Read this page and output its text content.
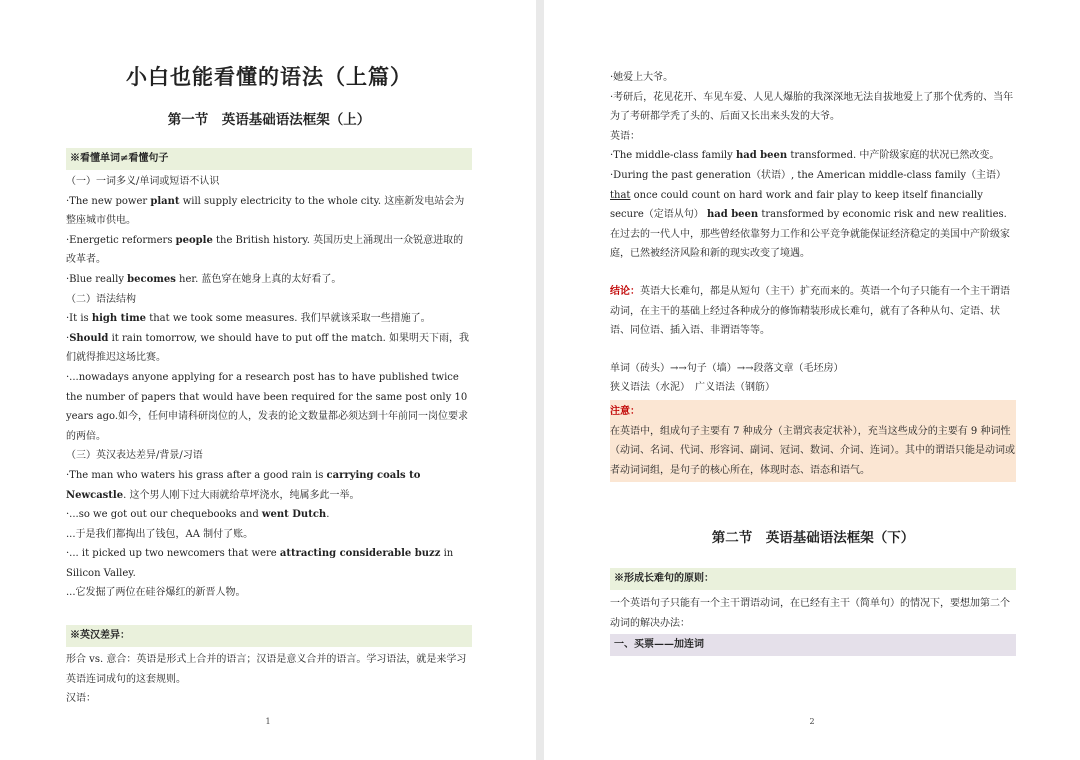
小白也能看懂的语法（上篇）

第一节　英语基础语法框架（上）

※看懂单词≠看懂句子

（一）一词多义/单词或短语不认识

·The new power plant will supply electricity to the whole city. 这座新发电站会为整座城市供电。

·Energetic reformers people the British history. 英国历史上涌现出一众锐意进取的改革者。

·Blue really becomes her. 蓝色穿在她身上真的太好看了。

（二）语法结构

·It is high time that we took some measures. 我们早就该采取一些措施了。

·Should it rain tomorrow, we should have to put off the match. 如果明天下雨，我们就得推迟这场比赛。

·...nowadays anyone applying for a research post has to have published twice the number of papers that would have been required for the same post only 10 years ago.如今，任何申请科研岗位的人，发表的论文数量都必须达到十年前同一岗位要求的两倍。

（三）英汉表达差异/背景/习语

·The man who waters his grass after a good rain is carrying coals to Newcastle. 这个男人刚下过大雨就给草坪浇水，纯属多此一举。

·...so we got out our chequebooks and went Dutch.

...于是我们都掏出了钱包，AA 制付了账。

·... it picked up two newcomers that were attracting considerable buzz in Silicon Valley.

...它发掘了两位在硅谷爆红的新晋人物。

※英汉差异：

形合 vs. 意合：英语是形式上合并的语言；汉语是意义合并的语言。学习语法，就是来学习英语连词成句的这套规则。

汉语：

1

·她爱上大爷。

·考研后，花见花开、车见车爱、人见人爆胎的我深深地无法自拔地爱上了那个优秀的、当年为了考研都学秃了头的、后面又长出来头发的大爷。

英语：

·The middle-class family had been transformed. 中产阶级家庭的状况已然改变。

·During the past generation（状语）, the American middle-class family（主语） that once could count on hard work and fair play to keep itself financially secure（定语从句） had been transformed by economic risk and new realities.

在过去的一代人中，那些曾经依靠努力工作和公平竞争就能保证经济稳定的美国中产阶级家庭，已然被经济风险和新的现实改变了境遇。

结论：英语大长难句，都是从短句（主干）扩充而来的。英语一个句子只能有一个主干谓语动词，在主干的基础上经过各种成分的修饰精装形成长难句，就有了各种从句、定语、状语、同位语、插入语、非谓语等等。

单词（砖头）→→句子（墙）→→段落文章（毛坯房）

狭义语法（水泥）　广义语法（钢筋）

注意：

在英语中，组成句子主要有 7 种成分（主谓宾表定状补），充当这些成分的主要有 9 种词性（动词、名词、代词、形容词、副词、冠词、数词、介词、连词）。其中的谓语只能是动词或者动词词组，是句子的核心所在，体现时态、语态和语气。

第二节　英语基础语法框架（下）

※形成长难句的原则：

一个英语句子只能有一个主干谓语动词，在已经有主干（简单句）的情况下，要想加第二个动词的解决办法：

一、买票——加连词

2
